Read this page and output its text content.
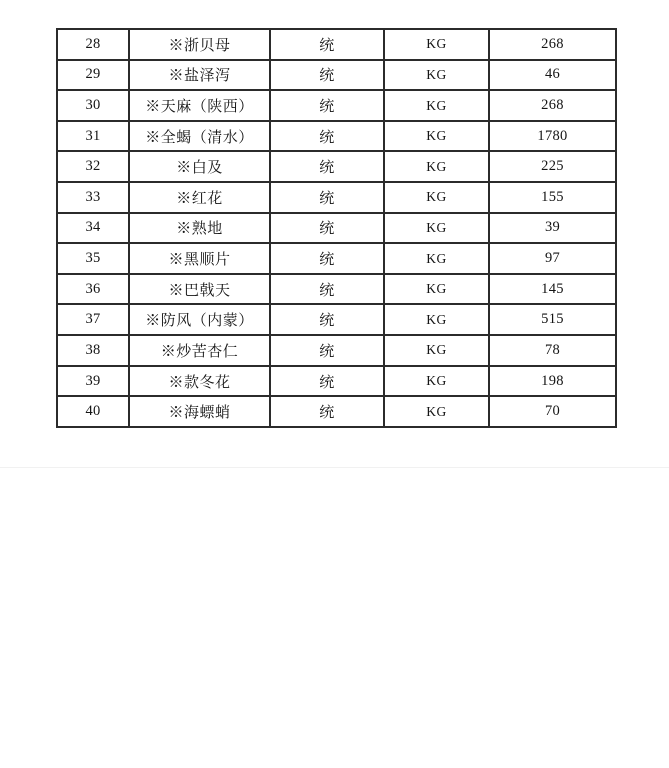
28	※浙贝母	统	KG	268
29	※盐泽泻	统	KG	46
30	※天麻（陕西）	统	KG	268
31	※全蝎（清水）	统	KG	1780
32	※白及	统	KG	225
33	※红花	统	KG	155
34	※熟地	统	KG	39
35	※黑顺片	统	KG	97
36	※巴戟天	统	KG	145
37	※防风（内蒙）	统	KG	515
38	※炒苦杏仁	统	KG	78
39	※款冬花	统	KG	198
40	※海螵蛸	统	KG	70
